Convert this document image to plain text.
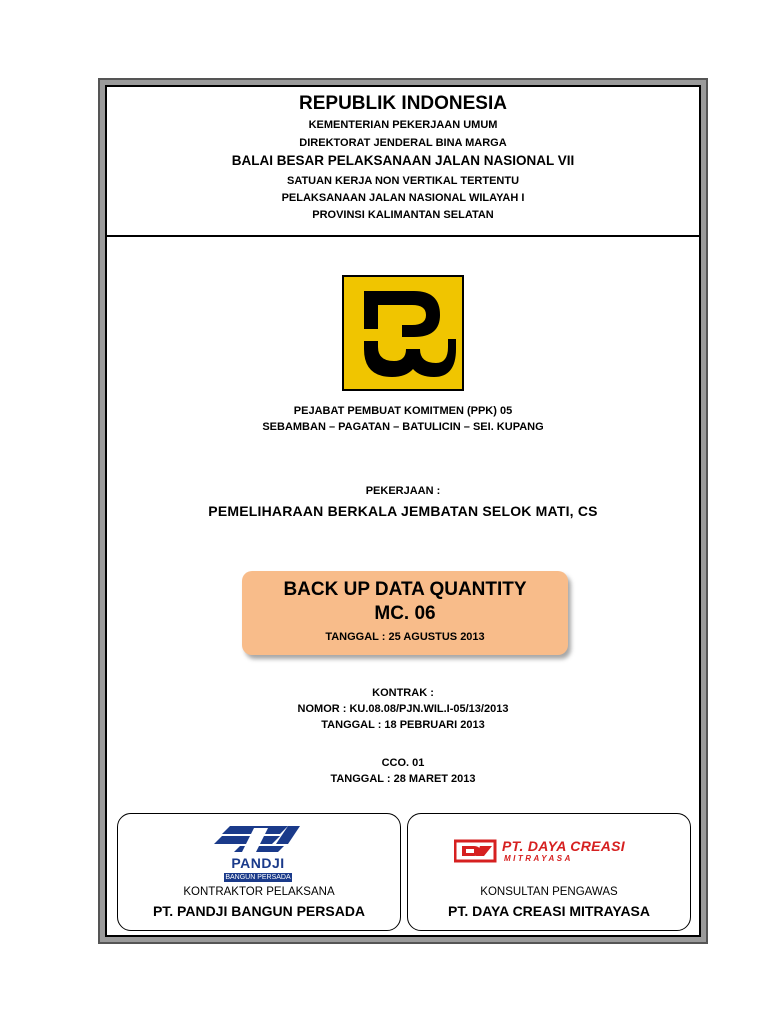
REPUBLIK INDONESIA
KEMENTERIAN PEKERJAAN UMUM
DIREKTORAT JENDERAL BINA MARGA
BALAI BESAR PELAKSANAAN JALAN NASIONAL VII
SATUAN KERJA NON VERTIKAL TERTENTU
PELAKSANAAN JALAN NASIONAL WILAYAH I
PROVINSI KALIMANTAN SELATAN
PEJABAT PEMBUAT KOMITMEN (PPK) 05
SEBAMBAN – PAGATAN – BATULICIN – SEI. KUPANG
PEKERJAAN :
PEMELIHARAAN BERKALA JEMBATAN SELOK MATI, CS
BACK UP DATA QUANTITY
MC. 06
TANGGAL : 25 AGUSTUS 2013
KONTRAK :
NOMOR : KU.08.08/PJN.WIL.I-05/13/2013
TANGGAL : 18 PEBRUARI 2013
CCO. 01
TANGGAL : 28 MARET 2013
PANDJI
BANGUN PERSADA
KONTRAKTOR PELAKSANA
PT. PANDJI BANGUN PERSADA
PT. DAYA CREASI
MITRAYASA
KONSULTAN PENGAWAS
PT. DAYA CREASI MITRAYASA
